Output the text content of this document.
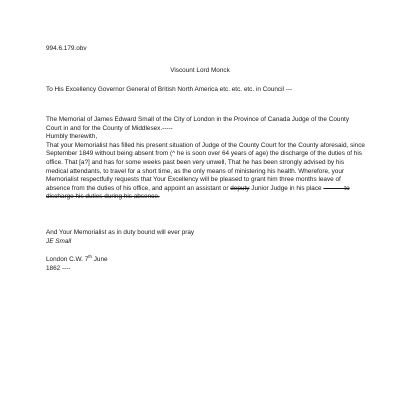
994.6.179.obv
Viscount Lord Monck
To His Excellency Governor General of British North America etc. etc. etc. in Council ---

The Memorial of James Edward Small of the City of London in the Province of Canada Judge of the County Court in and for the County of Middlesex.-----

Humbly therewith,

That your Memorialist has filled his present situation of Judge of the County Court for the County aforesaid, since September 1849 without being absent from (^ he is soon over 64 years of age) the discharge of the duties of his office. That [a?] and has for some weeks past been very unwell, That he has been strongly advised by his medical attendants, to travel for a short time, as the only means of ministering his health. Wherefore, your Memorialist respectfully requests that Your Excellency will be pleased to grant him three months leave of absence from the duties of his office, and appoint an assistant or deputy Junior Judge in his place --------- to discharge his duties during his absence.

And Your Memorialist as in duty bound will ever pray
JE Small
London C.W. 7th June
1862 ----
